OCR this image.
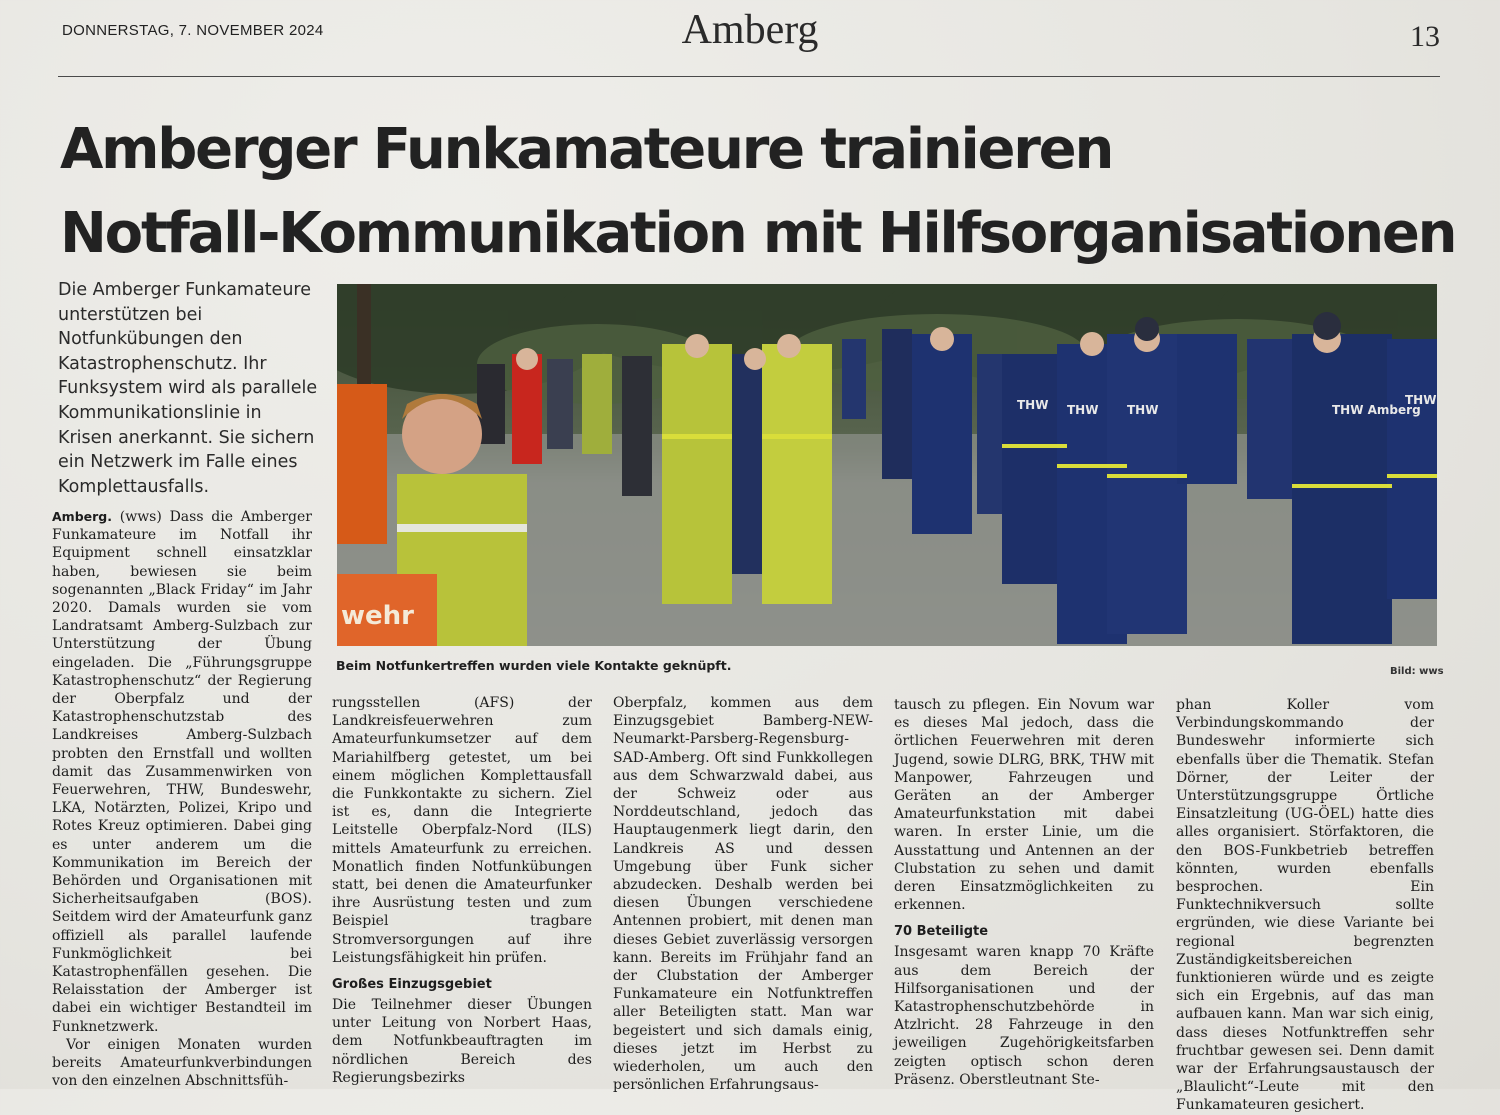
DONNERSTAG, 7. NOVEMBER 2024	Amberg	13
Amberger Funkamateure trainieren
Notfall-Kommunikation mit Hilfsorganisationen
Die Amberger Funkamateure unterstützen bei Notfunkübungen den Katastrophenschutz. Ihr Funksystem wird als parallele Kommunikationslinie in Krisen anerkannt. Sie sichern ein Netzwerk im Falle eines Komplettausfalls.
THW THW THW
THW
THW Amberg
wehr
Beim Notfunkertreffen wurden viele Kontakte geknüpft.	Bild: wws

Amberg. (wws) Dass die Amberger Funkamateure im Notfall ihr Equipment schnell einsatzklar haben, bewiesen sie beim sogenannten „Black Friday“ im Jahr 2020. Damals wurden sie vom Landratsamt Amberg-Sulzbach zur Unterstützung der Übung eingeladen. Die „Führungsgruppe Katastrophenschutz“ der Regierung der Oberpfalz und der Katastrophenschutzstab des Landkreises Amberg-Sulzbach probten den Ernstfall und wollten damit das Zusammenwirken von Feuerwehren, THW, Bundeswehr, LKA, Notärzten, Polizei, Kripo und Rotes Kreuz optimieren. Dabei ging es unter anderem um die Kommunikation im Bereich der Behörden und Organisationen mit Sicherheitsaufgaben (BOS). Seitdem wird der Amateurfunk ganz offiziell als parallel laufende Funkmöglichkeit bei Katastrophenfällen gesehen. Die Relaisstation der Amberger ist dabei ein wichtiger Bestandteil im Funknetzwerk.

Vor einigen Monaten wurden bereits Amateurfunkverbindungen von den einzelnen Abschnittsfüh-

rungsstellen (AFS) der Landkreisfeuerwehren zum Amateurfunkumsetzer auf dem Mariahilfberg getestet, um bei einem möglichen Komplettausfall die Funkkontakte zu sichern. Ziel ist es, dann die Integrierte Leitstelle Oberpfalz-Nord (ILS) mittels Amateurfunk zu erreichen. Monatlich finden Notfunkübungen statt, bei denen die Amateurfunker ihre Ausrüstung testen und zum Beispiel tragbare Stromversorgungen auf ihre Leistungsfähigkeit hin prüfen.

Großes Einzugsgebiet

Die Teilnehmer dieser Übungen unter Leitung von Norbert Haas, dem Notfunkbeauftragten im nördlichen Bereich des Regierungsbezirks

Oberpfalz, kommen aus dem Einzugsgebiet Bamberg-NEW-Neumarkt-Parsberg-Regensburg-SAD-Amberg. Oft sind Funkkollegen aus dem Schwarzwald dabei, aus der Schweiz oder aus Norddeutschland, jedoch das Hauptaugenmerk liegt darin, den Landkreis AS und dessen Umgebung über Funk sicher abzudecken. Deshalb werden bei diesen Übungen verschiedene Antennen probiert, mit denen man dieses Gebiet zuverlässig versorgen kann. Bereits im Frühjahr fand an der Clubstation der Amberger Funkamateure ein Notfunktreffen aller Beteiligten statt. Man war begeistert und sich damals einig, dieses jetzt im Herbst zu wiederholen, um auch den persönlichen Erfahrungsaus-

tausch zu pflegen. Ein Novum war es dieses Mal jedoch, dass die örtlichen Feuerwehren mit deren Jugend, sowie DLRG, BRK, THW mit Manpower, Fahrzeugen und Geräten an der Amberger Amateurfunkstation mit dabei waren. In erster Linie, um die Ausstattung und Antennen an der Clubstation zu sehen und damit deren Einsatzmöglichkeiten zu erkennen.

70 Beteiligte

Insgesamt waren knapp 70 Kräfte aus dem Bereich der Hilfsorganisationen und der Katastrophenschutzbehörde in Atzlricht. 28 Fahrzeuge in den jeweiligen Zugehörigkeitsfarben zeigten optisch schon deren Präsenz. Oberstleutnant Ste-

phan Koller vom Verbindungskommando der Bundeswehr informierte sich ebenfalls über die Thematik. Stefan Dörner, der Leiter der Unterstützungsgruppe Örtliche Einsatzleitung (UG-ÖEL) hatte dies alles organisiert. Störfaktoren, die den BOS-Funkbetrieb betreffen könnten, wurden ebenfalls besprochen. Ein Funktechnikversuch sollte ergründen, wie diese Variante bei regional begrenzten Zuständigkeitsbereichen funktionieren würde und es zeigte sich ein Ergebnis, auf das man aufbauen kann. Man war sich einig, dass dieses Notfunktreffen sehr fruchtbar gewesen sei. Denn damit war der Erfahrungsaustausch der „Blaulicht“-Leute mit den Funkamateuren gesichert.
